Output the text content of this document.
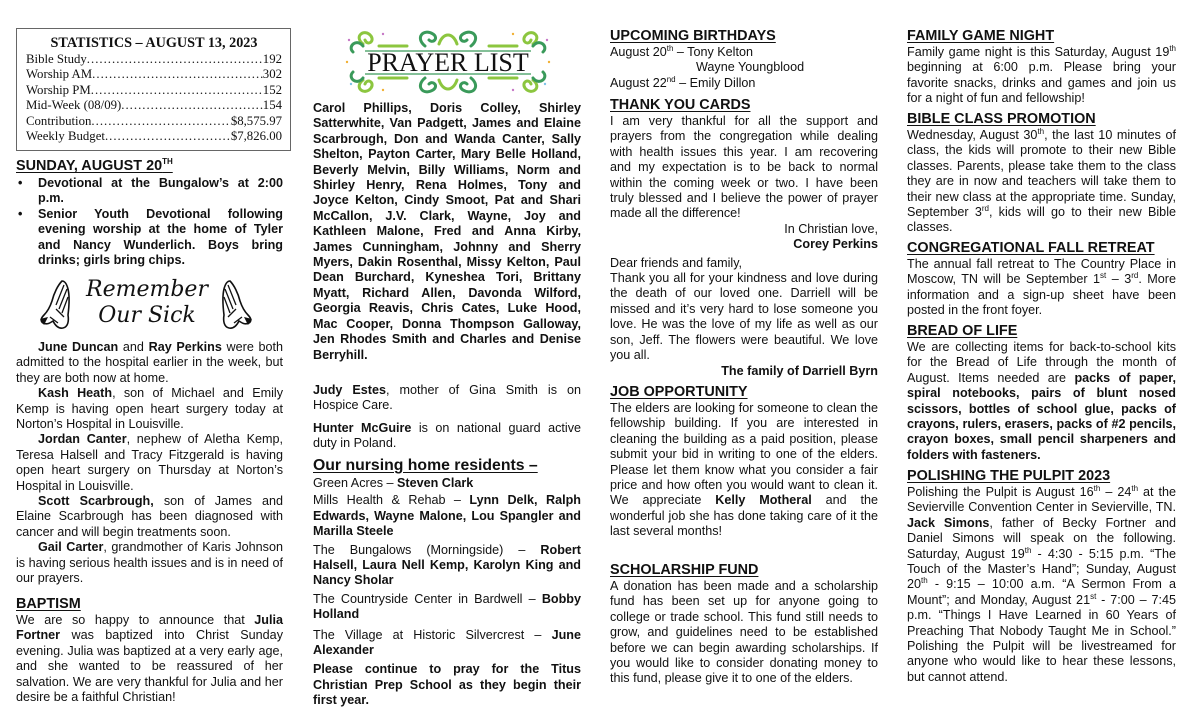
STATISTICS – AUGUST 13, 2023
Bible Study .....	192
Worship AM .....	302
Worship PM .....	152
Mid-Week (08/09) .....	154
Contribution .....	$8,575.97
Weekly Budget .....	$7,826.00
SUNDAY, AUGUST 20TH
• Devotional at the Bungalow’s at 2:00 p.m.
• Senior Youth Devotional following evening worship at the home of Tyler and Nancy Wunderlich. Boys bring drinks; girls bring chips.
Remember
Our Sick

June Duncan and Ray Perkins were both admitted to the hospital earlier in the week, but they are both now at home.

Kash Heath, son of Michael and Emily Kemp is having open heart surgery today at Norton’s Hospital in Louisville.

Jordan Canter, nephew of Aletha Kemp, Teresa Halsell and Tracy Fitzgerald is having open heart surgery on Thursday at Norton’s Hospital in Louisville.

Scott Scarbrough, son of James and Elaine Scarbrough has been diagnosed with cancer and will begin treatments soon.

Gail Carter, grandmother of Karis Johnson is having serious health issues and is in need of our prayers.

BAPTISM

We are so happy to announce that Julia Fortner was baptized into Christ Sunday evening. Julia was baptized at a very early age, and she wanted to be reassured of her salvation. We are very thankful for Julia and her desire be a faithful Christian!

PRAYER LIST
Carol Phillips, Doris Colley, Shirley Satterwhite, Van Padgett, James and Elaine Scarbrough, Don and Wanda Canter, Sally Shelton, Payton Carter, Mary Belle Holland, Beverly Melvin, Billy Williams, Norm and Shirley Henry, Rena Holmes, Tony and Joyce Kelton, Cindy Smoot, Pat and Shari McCallon, J.V. Clark, Wayne, Joy and Kathleen Malone, Fred and Anna Kirby, James Cunningham, Johnny and Sherry Myers, Dakin Rosenthal, Missy Kelton, Paul Dean Burchard, Kyneshea Tori, Brittany Myatt, Richard Allen, Davonda Wilford, Georgia Reavis, Chris Cates, Luke Hood, Mac Cooper, Donna Thompson Galloway, Jen Rhodes Smith and Charles and Denise Berryhill.

Judy Estes, mother of Gina Smith is on Hospice Care.

Hunter McGuire is on national guard active duty in Poland.

Our nursing home residents –

Green Acres – Steven Clark

Mills Health & Rehab – Lynn Delk, Ralph Edwards, Wayne Malone, Lou Spangler and Marilla Steele

The Bungalows (Morningside) – Robert Halsell, Laura Nell Kemp, Karolyn King and Nancy Sholar

The Countryside Center in Bardwell – Bobby Holland

The Village at Historic Silvercrest – June Alexander

Please continue to pray for the Titus Christian Prep School as they begin their first year.

UPCOMING BIRTHDAYS
August 20th – Tony Kelton
Wayne Youngblood
August 22nd – Emily Dillon
THANK YOU CARDS

I am very thankful for all the support and prayers from the congregation while dealing with health issues this year. I am recovering and my expectation is to be back to normal within the coming week or two. I have been truly blessed and I believe the power of prayer made all the difference!

In Christian love,
Corey Perkins
Dear friends and family,

Thank you all for your kindness and love during the death of our loved one. Darriell will be missed and it’s very hard to lose someone you love. He was the love of my life as well as our son, Jeff. The flowers were beautiful. We love you all.

The family of Darriell Byrn
JOB OPPORTUNITY

The elders are looking for someone to clean the fellowship building. If you are interested in cleaning the building as a paid position, please submit your bid in writing to one of the elders. Please let them know what you consider a fair price and how often you would want to clean it. We appreciate Kelly Motheral and the wonderful job she has done taking care of it the last several months!

SCHOLARSHIP FUND

A donation has been made and a scholarship fund has been set up for anyone going to college or trade school. This fund still needs to grow, and guidelines need to be established before we can begin awarding scholarships. If you would like to consider donating money to this fund, please give it to one of the elders.

FAMILY GAME NIGHT

Family game night is this Saturday, August 19th beginning at 6:00 p.m. Please bring your favorite snacks, drinks and games and join us for a night of fun and fellowship!

BIBLE CLASS PROMOTION

Wednesday, August 30th, the last 10 minutes of class, the kids will promote to their new Bible classes. Parents, please take them to the class they are in now and teachers will take them to their new class at the appropriate time. Sunday, September 3rd, kids will go to their new Bible classes.

CONGREGATIONAL FALL RETREAT

The annual fall retreat to The Country Place in Moscow, TN will be September 1st – 3rd. More information and a sign-up sheet have been posted in the front foyer.

BREAD OF LIFE

We are collecting items for back-to-school kits for the Bread of Life through the month of August. Items needed are packs of paper, spiral notebooks, pairs of blunt nosed scissors, bottles of school glue, packs of crayons, rulers, erasers, packs of #2 pencils, crayon boxes, small pencil sharpeners and folders with fasteners.

POLISHING THE PULPIT 2023

Polishing the Pulpit is August 16th – 24th at the Sevierville Convention Center in Sevierville, TN. Jack Simons, father of Becky Fortner and Daniel Simons will speak on the following. Saturday, August 19th - 4:30 - 5:15 p.m. “The Touch of the Master’s Hand”; Sunday, August 20th - 9:15 – 10:00 a.m. “A Sermon From a Mount”; and Monday, August 21st - 7:00 – 7:45 p.m. “Things I Have Learned in 60 Years of Preaching That Nobody Taught Me in School.” Polishing the Pulpit will be livestreamed for anyone who would like to hear these lessons, but cannot attend.
